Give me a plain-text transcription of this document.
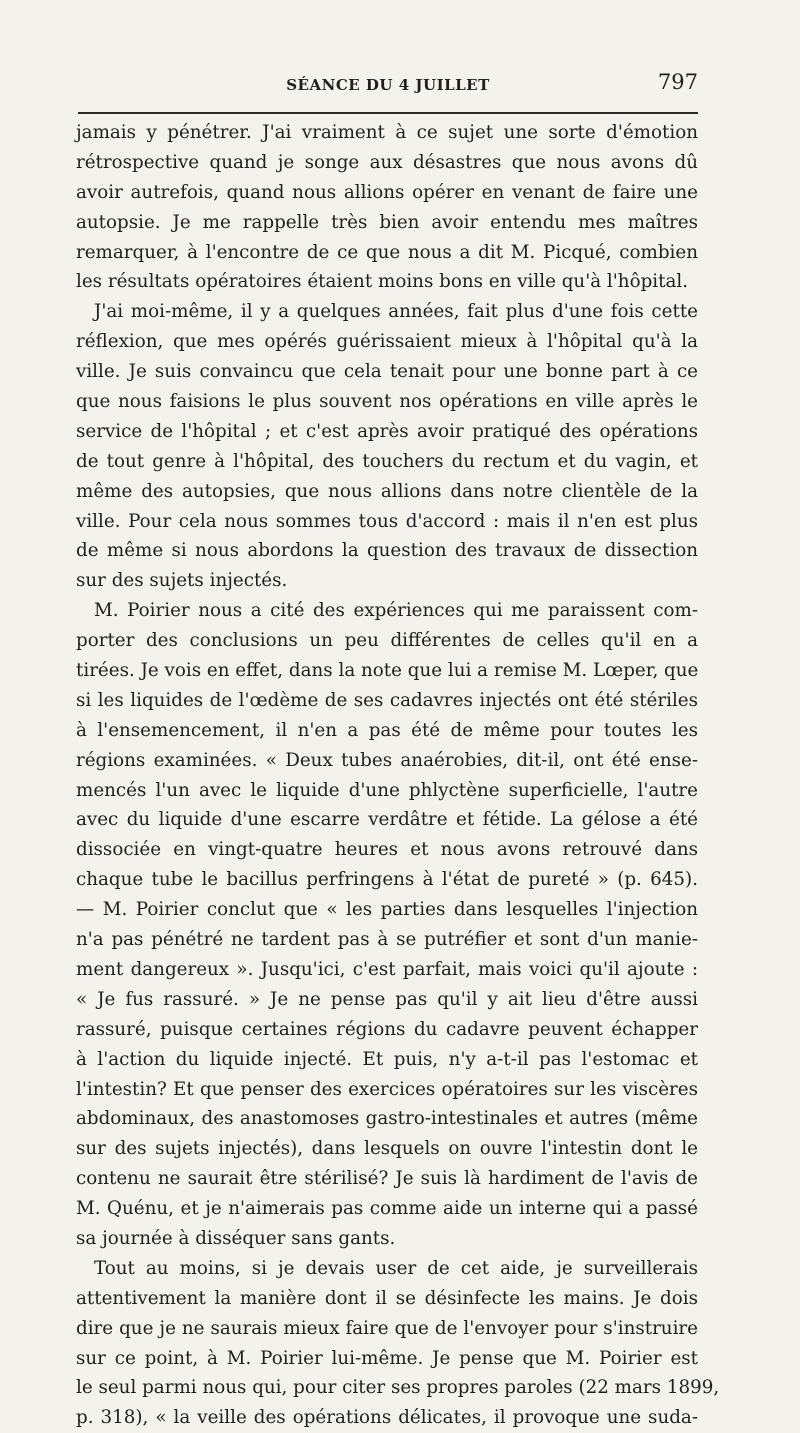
SÉANCE DU 4 JUILLET	797
jamais y pénétrer. J'ai vraiment à ce sujet une sorte d'émotion
rétrospective quand je songe aux désastres que nous avons dû
avoir autrefois, quand nous allions opérer en venant de faire une
autopsie. Je me rappelle très bien avoir entendu mes maîtres
remarquer, à l'encontre de ce que nous a dit M. Picqué, combien
les résultats opératoires étaient moins bons en ville qu'à l'hôpital.
J'ai moi-même, il y a quelques années, fait plus d'une fois cette
réflexion, que mes opérés guérissaient mieux à l'hôpital qu'à la
ville. Je suis convaincu que cela tenait pour une bonne part à ce
que nous faisions le plus souvent nos opérations en ville après le
service de l'hôpital ; et c'est après avoir pratiqué des opérations
de tout genre à l'hôpital, des touchers du rectum et du vagin, et
même des autopsies, que nous allions dans notre clientèle de la
ville. Pour cela nous sommes tous d'accord : mais il n'en est plus
de même si nous abordons la question des travaux de dissection
sur des sujets injectés.
M. Poirier nous a cité des expériences qui me paraissent com-
porter des conclusions un peu différentes de celles qu'il en a
tirées. Je vois en effet, dans la note que lui a remise M. Lœper, que
si les liquides de l'œdème de ses cadavres injectés ont été stériles
à l'ensemencement, il n'en a pas été de même pour toutes les
régions examinées. « Deux tubes anaérobies, dit-il, ont été ense-
mencés l'un avec le liquide d'une phlyctène superficielle, l'autre
avec du liquide d'une escarre verdâtre et fétide. La gélose a été
dissociée en vingt-quatre heures et nous avons retrouvé dans
chaque tube le bacillus perfringens à l'état de pureté » (p. 645).
— M. Poirier conclut que « les parties dans lesquelles l'injection
n'a pas pénétré ne tardent pas à se putréfier et sont d'un manie-
ment dangereux ». Jusqu'ici, c'est parfait, mais voici qu'il ajoute :
« Je fus rassuré. » Je ne pense pas qu'il y ait lieu d'être aussi
rassuré, puisque certaines régions du cadavre peuvent échapper
à l'action du liquide injecté. Et puis, n'y a-t-il pas l'estomac et
l'intestin? Et que penser des exercices opératoires sur les viscères
abdominaux, des anastomoses gastro-intestinales et autres (même
sur des sujets injectés), dans lesquels on ouvre l'intestin dont le
contenu ne saurait être stérilisé? Je suis là hardiment de l'avis de
M. Quénu, et je n'aimerais pas comme aide un interne qui a passé
sa journée à disséquer sans gants.
Tout au moins, si je devais user de cet aide, je surveillerais
attentivement la manière dont il se désinfecte les mains. Je dois
dire que je ne saurais mieux faire que de l'envoyer pour s'instruire
sur ce point, à M. Poirier lui-même. Je pense que M. Poirier est
le seul parmi nous qui, pour citer ses propres paroles (22 mars 1899,
p. 318), « la veille des opérations délicates, il provoque une suda-
